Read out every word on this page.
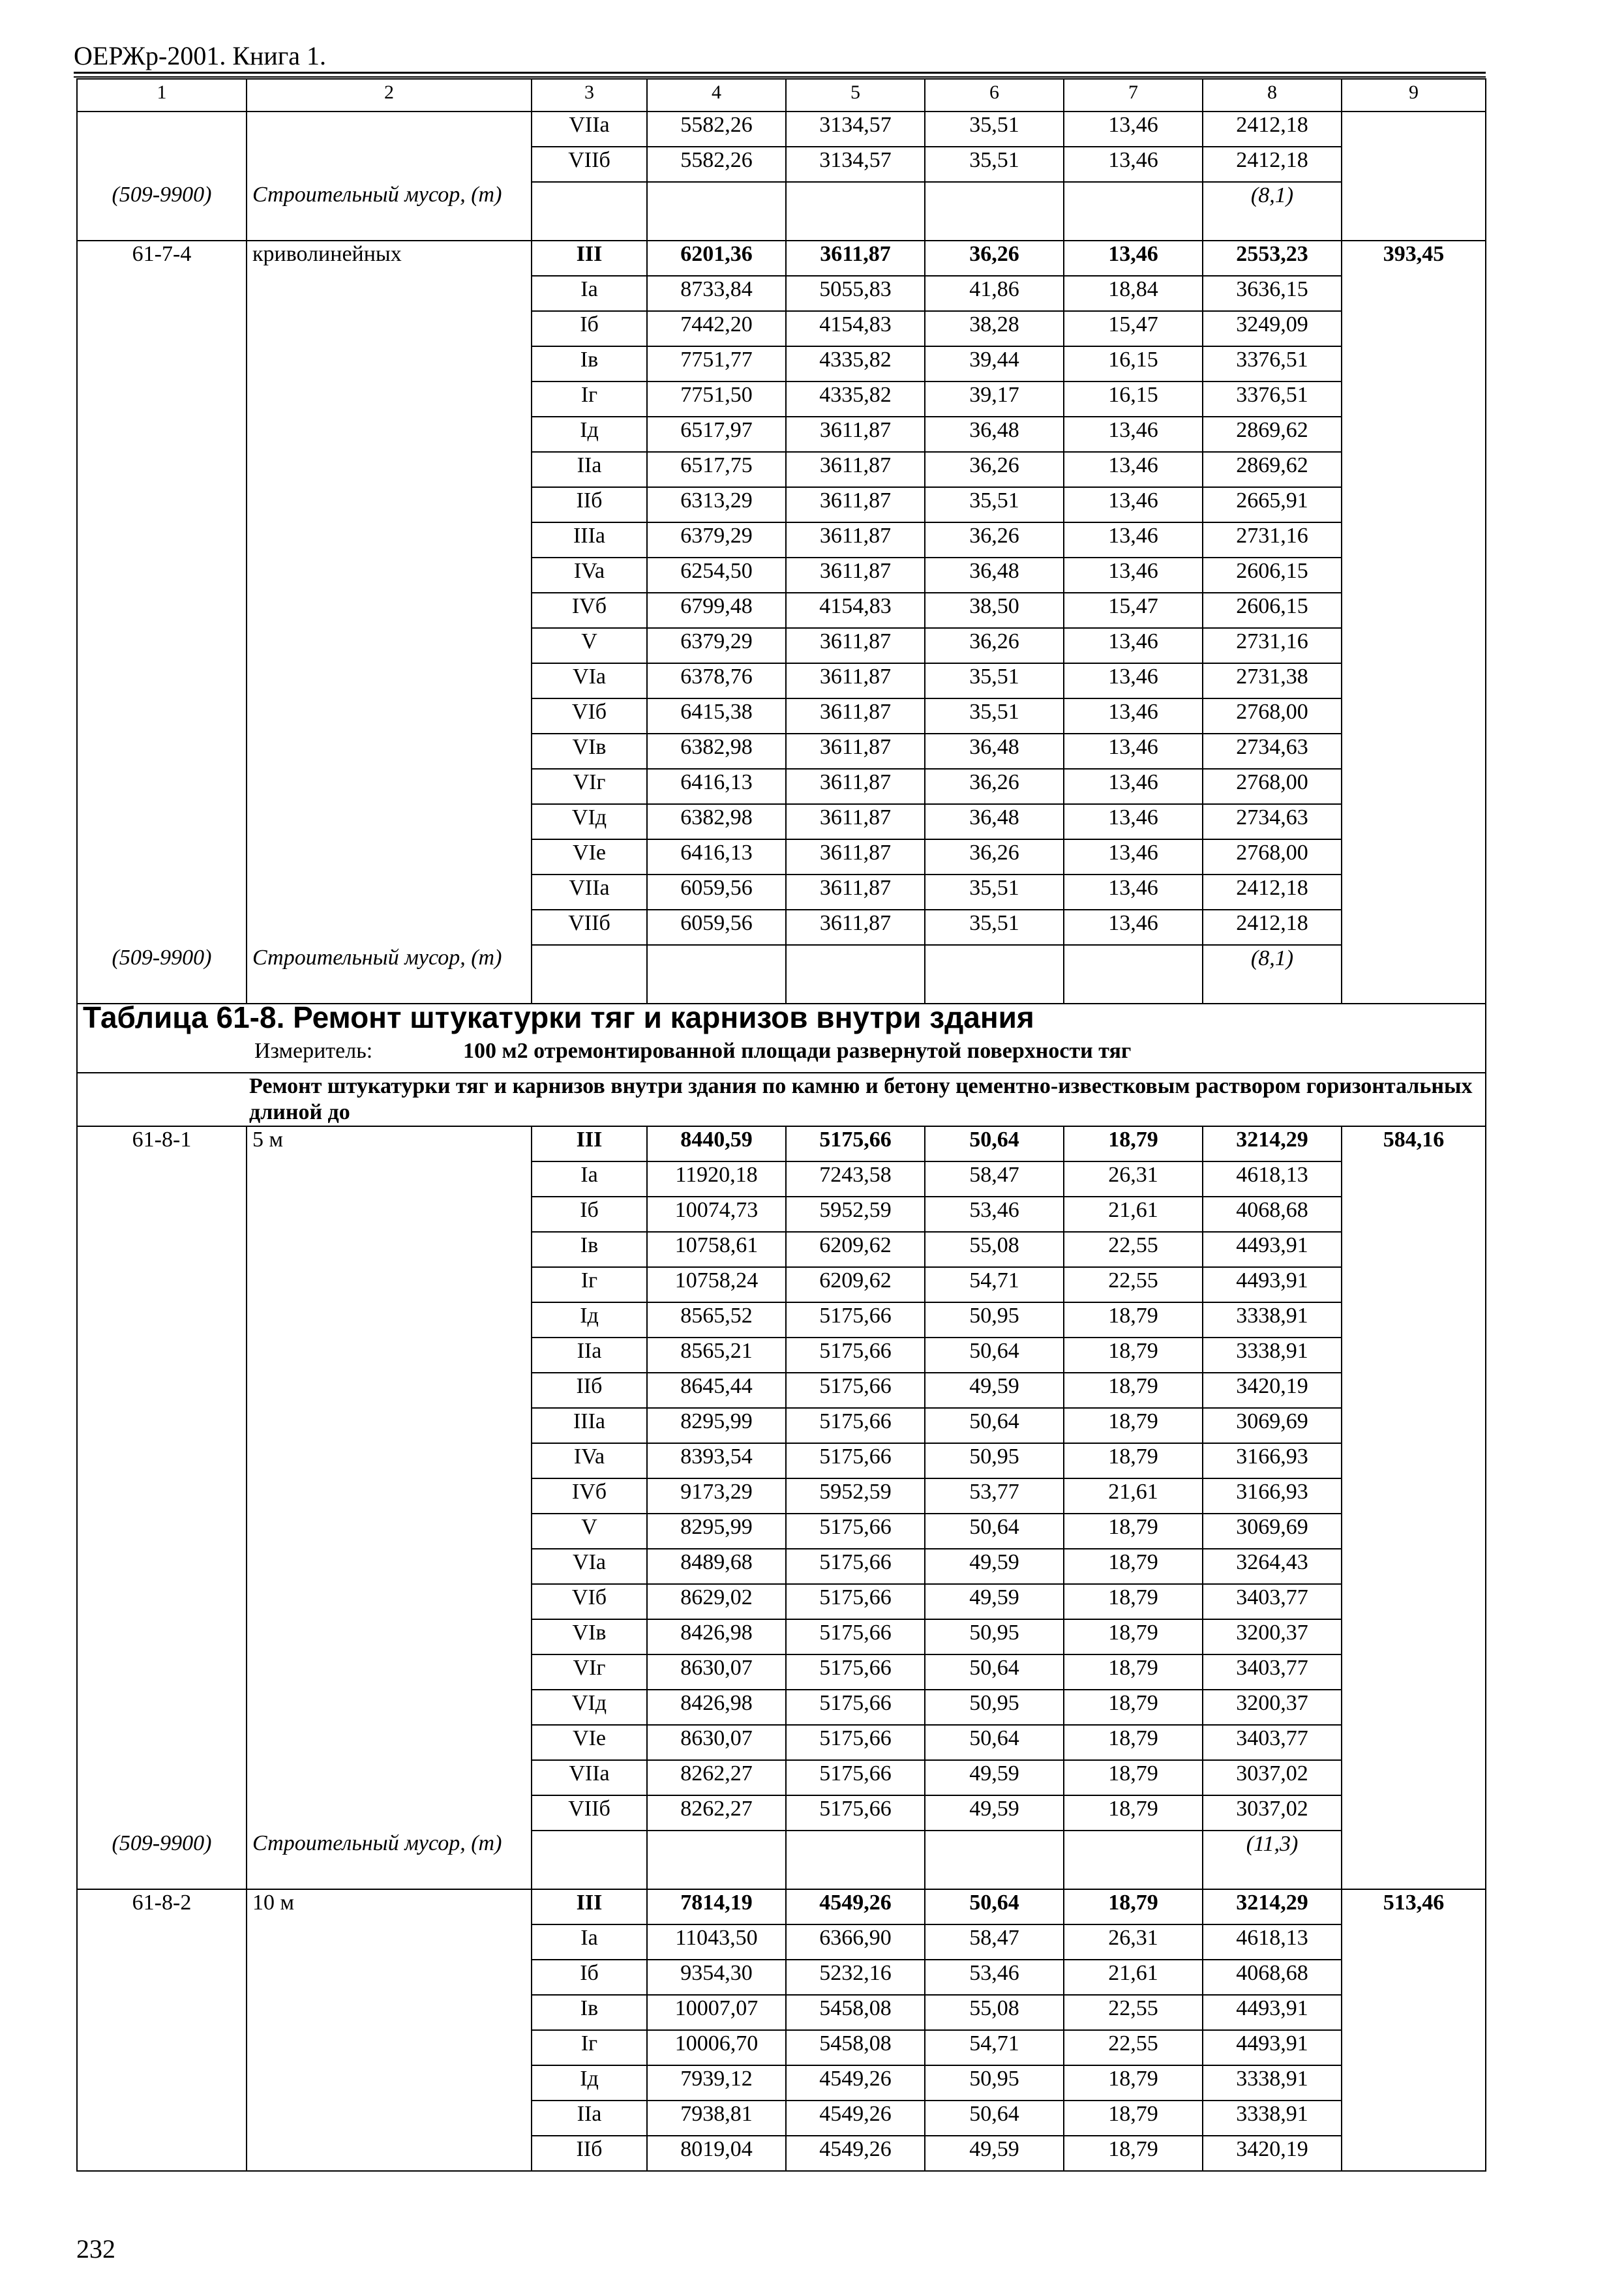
ОЕРЖр-2001. Книга 1.
1	2	3	4	5	6	7	8	9
		VIIa	5582,26	3134,57	35,51	13,46	2412,18	
		VIIб	5582,26	3134,57	35,51	13,46	2412,18	
(509-9900)	Строительный мусор, (т)						(8,1)	
61-7-4	криволинейных	III	6201,36	3611,87	36,26	13,46	2553,23	393,45
		Ia	8733,84	5055,83	41,86	18,84	3636,15	
		Iб	7442,20	4154,83	38,28	15,47	3249,09	
		Iв	7751,77	4335,82	39,44	16,15	3376,51	
		Iг	7751,50	4335,82	39,17	16,15	3376,51	
		Iд	6517,97	3611,87	36,48	13,46	2869,62	
		IIa	6517,75	3611,87	36,26	13,46	2869,62	
		IIб	6313,29	3611,87	35,51	13,46	2665,91	
		IIIa	6379,29	3611,87	36,26	13,46	2731,16	
		IVa	6254,50	3611,87	36,48	13,46	2606,15	
		IVб	6799,48	4154,83	38,50	15,47	2606,15	
		V	6379,29	3611,87	36,26	13,46	2731,16	
		VIa	6378,76	3611,87	35,51	13,46	2731,38	
		VIб	6415,38	3611,87	35,51	13,46	2768,00	
		VIв	6382,98	3611,87	36,48	13,46	2734,63	
		VIг	6416,13	3611,87	36,26	13,46	2768,00	
		VIд	6382,98	3611,87	36,48	13,46	2734,63	
		VIe	6416,13	3611,87	36,26	13,46	2768,00	
		VIIa	6059,56	3611,87	35,51	13,46	2412,18	
		VIIб	6059,56	3611,87	35,51	13,46	2412,18	
(509-9900)	Строительный мусор, (т)						(8,1)	
Таблица 61-8. Ремонт штукатурки тяг и карнизов внутри здания								
Измеритель: 100 м2 отремонтированной площади развернутой поверхности тяг								
Ремонт штукатурки тяг и карнизов внутри здания по камню и бетону цементно-известковым раствором горизонтальных длиной до								
61-8-1	5 м	III	8440,59	5175,66	50,64	18,79	3214,29	584,16
		Ia	11920,18	7243,58	58,47	26,31	4618,13	
		Iб	10074,73	5952,59	53,46	21,61	4068,68	
		Iв	10758,61	6209,62	55,08	22,55	4493,91	
		Iг	10758,24	6209,62	54,71	22,55	4493,91	
		Iд	8565,52	5175,66	50,95	18,79	3338,91	
		IIa	8565,21	5175,66	50,64	18,79	3338,91	
		IIб	8645,44	5175,66	49,59	18,79	3420,19	
		IIIa	8295,99	5175,66	50,64	18,79	3069,69	
		IVa	8393,54	5175,66	50,95	18,79	3166,93	
		IVб	9173,29	5952,59	53,77	21,61	3166,93	
		V	8295,99	5175,66	50,64	18,79	3069,69	
		VIa	8489,68	5175,66	49,59	18,79	3264,43	
		VIб	8629,02	5175,66	49,59	18,79	3403,77	
		VIв	8426,98	5175,66	50,95	18,79	3200,37	
		VIг	8630,07	5175,66	50,64	18,79	3403,77	
		VIд	8426,98	5175,66	50,95	18,79	3200,37	
		VIe	8630,07	5175,66	50,64	18,79	3403,77	
		VIIa	8262,27	5175,66	49,59	18,79	3037,02	
		VIIб	8262,27	5175,66	49,59	18,79	3037,02	
(509-9900)	Строительный мусор, (т)						(11,3)	
61-8-2	10 м	III	7814,19	4549,26	50,64	18,79	3214,29	513,46
		Ia	11043,50	6366,90	58,47	26,31	4618,13	
		Iб	9354,30	5232,16	53,46	21,61	4068,68	
		Iв	10007,07	5458,08	55,08	22,55	4493,91	
		Iг	10006,70	5458,08	54,71	22,55	4493,91	
		Iд	7939,12	4549,26	50,95	18,79	3338,91	
		IIa	7938,81	4549,26	50,64	18,79	3338,91	
		IIб	8019,04	4549,26	49,59	18,79	3420,19	
232
